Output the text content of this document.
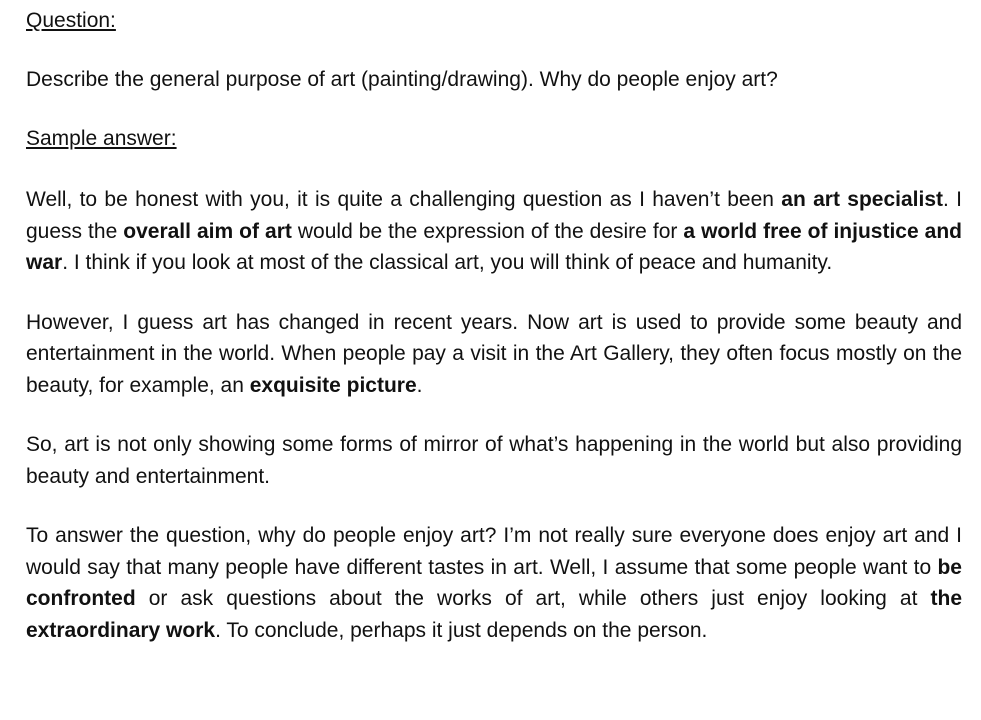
Question:

Describe the general purpose of art (painting/drawing). Why do people enjoy art?

Sample answer:

Well, to be honest with you, it is quite a challenging question as I haven’t been an art specialist. I guess the overall aim of art would be the expression of the desire for a world free of injustice and war. I think if you look at most of the classical art, you will think of peace and humanity.

However, I guess art has changed in recent years. Now art is used to provide some beauty and entertainment in the world. When people pay a visit in the Art Gallery, they often focus mostly on the beauty, for example, an exquisite picture.

So, art is not only showing some forms of mirror of what’s happening in the world but also providing beauty and entertainment.

To answer the question, why do people enjoy art? I’m not really sure everyone does enjoy art and I would say that many people have different tastes in art. Well, I assume that some people want to be confronted or ask questions about the works of art, while others just enjoy looking at the extraordinary work. To conclude, perhaps it just depends on the person.
